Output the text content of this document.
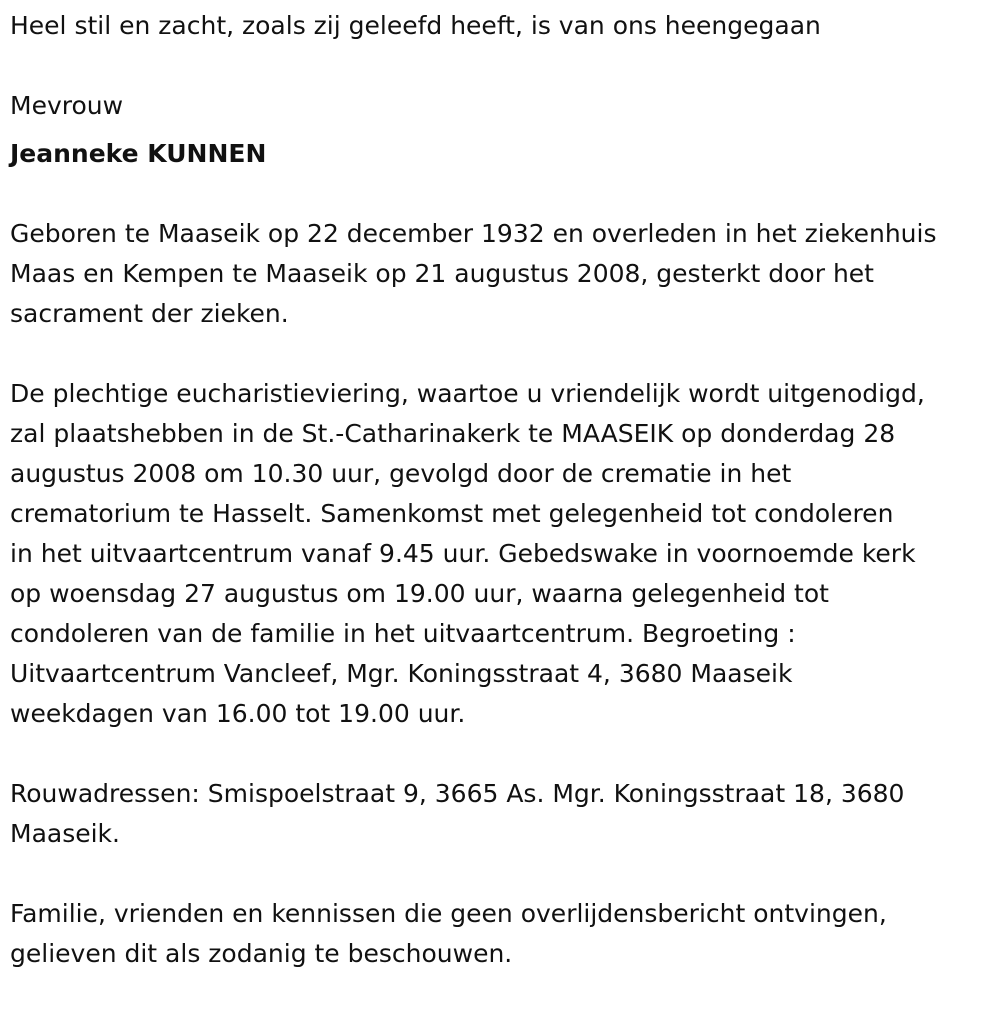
Heel stil en zacht, zoals zij geleefd heeft, is van ons heengegaan

Mevrouw

Jeanneke KUNNEN

Geboren te Maaseik op 22 december 1932 en overleden in het ziekenhuis
Maas en Kempen te Maaseik op 21 augustus 2008, gesterkt door het
sacrament der zieken.
De plechtige eucharistieviering, waartoe u vriendelijk wordt uitgenodigd,
zal plaatshebben in de St.-Catharinakerk te MAASEIK op donderdag 28
augustus 2008 om 10.30 uur, gevolgd door de crematie in het
crematorium te Hasselt. Samenkomst met gelegenheid tot condoleren
in het uitvaartcentrum vanaf 9.45 uur. Gebedswake in voornoemde kerk
op woensdag 27 augustus om 19.00 uur, waarna gelegenheid tot
condoleren van de familie in het uitvaartcentrum. Begroeting :
Uitvaartcentrum Vancleef, Mgr. Koningsstraat 4, 3680 Maaseik
weekdagen van 16.00 tot 19.00 uur.
Rouwadressen: Smispoelstraat 9, 3665 As. Mgr. Koningsstraat 18, 3680
Maaseik.
Familie, vrienden en kennissen die geen overlijdensbericht ontvingen,
gelieven dit als zodanig te beschouwen.
